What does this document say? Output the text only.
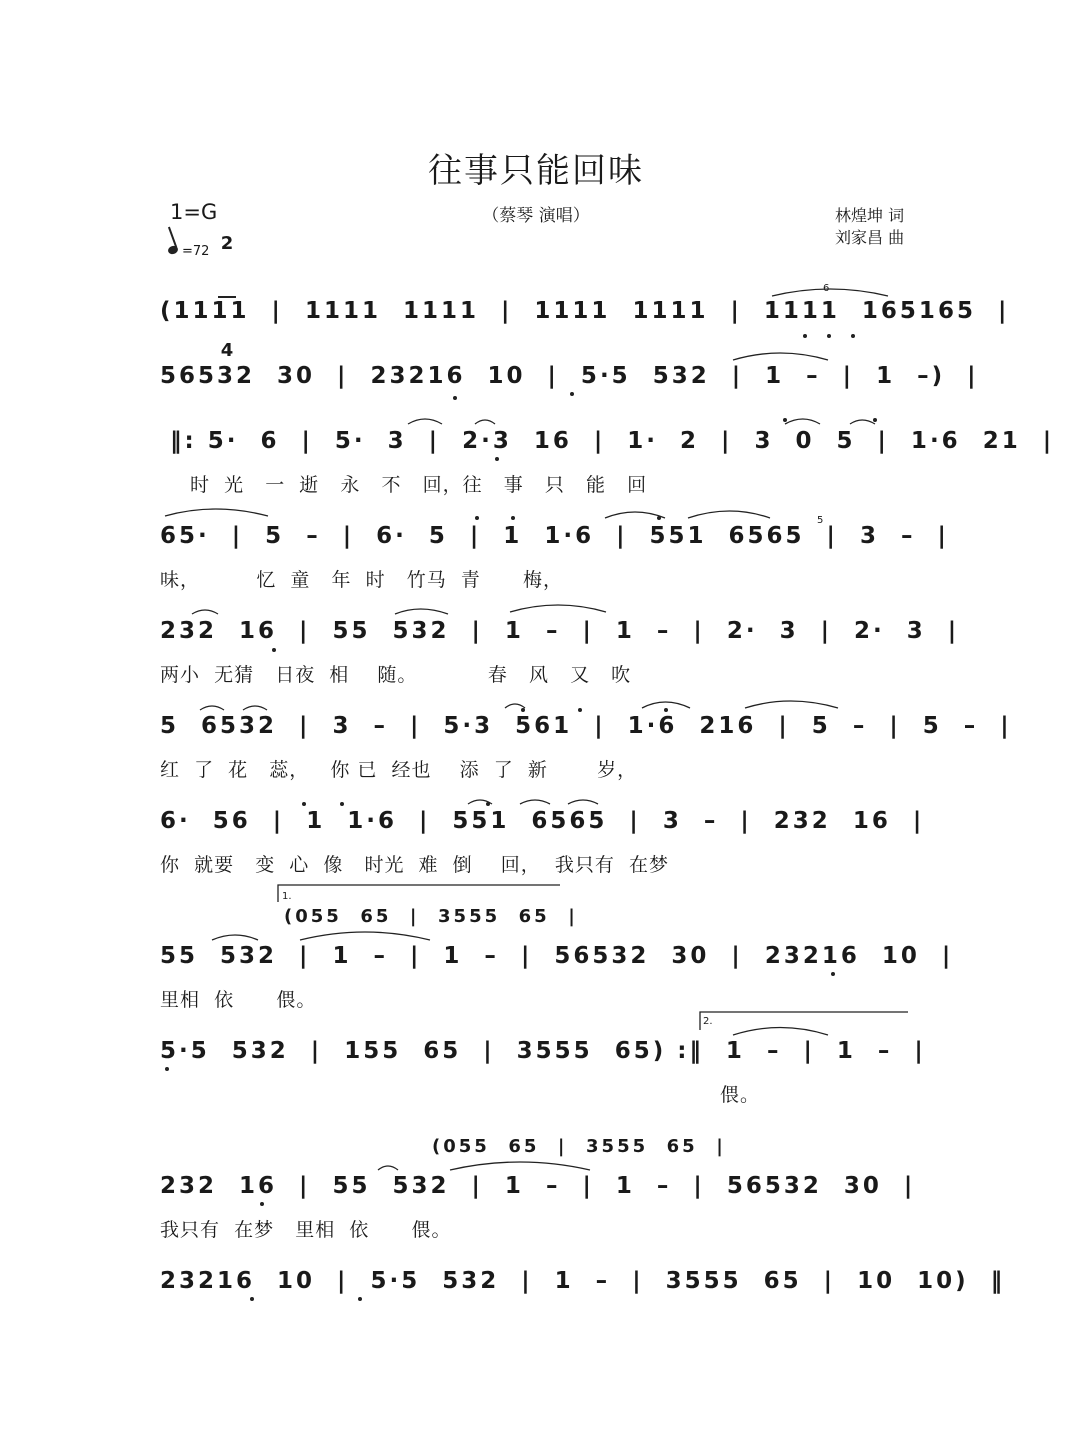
往事只能回味
（蔡琴 演唱）	林煌坤 词
刘家昌 曲
1=G

2

4

=72
(1111  |  1111  1111  |  1111  1111  |  1111  165165  |
56532  30  |  23216  10  |  5·5  532  |  1  –  |  1  –)  |
‖: 5·  6  |  5·  3  |  2·3  16  |  1·  2  |  3  0  5  |  1·6  21  |
时  光   一  逝   永   不   回，往   事   只   能   回
65·  |  5  –  |  6·  5  |  1  1·6  |  551  6565  |  3  –  |
味，        忆  童   年  时   竹马  青      梅，
232  16  |  55  532  |  1  –  |  1  –  |  2·  3  |  2·  3  |
两小  无猜   日夜  相    随。          春   风   又   吹
5  6532  |  3  –  |  5·3  561  |  1·6  216  |  5  –  |  5  –  |
红  了  花   蕊，   你 已  经也    添  了  新       岁，
6·  56  |  1  1·6  |  551  6565  |  3  –  |  232  16  |
你  就要   变  心  像   时光  难  倒    回，  我只有  在梦
1.
(055  65  |  3555  65  |
55  532  |  1  –  |  1  –  |  56532  30  |  23216  10  |
里相  依      偎。
2.
5·5  532  |  155  65  |  3555  65) :‖  1  –  |  1  –  |
偎。
(055  65  |  3555  65  |
232  16  |  55  532  |  1  –  |  1  –  |  56532  30  |
我只有  在梦   里相  依      偎。
23216  10  |  5·5  532  |  1  –  |  3555  65  |  10  10)  ‖
6
5
